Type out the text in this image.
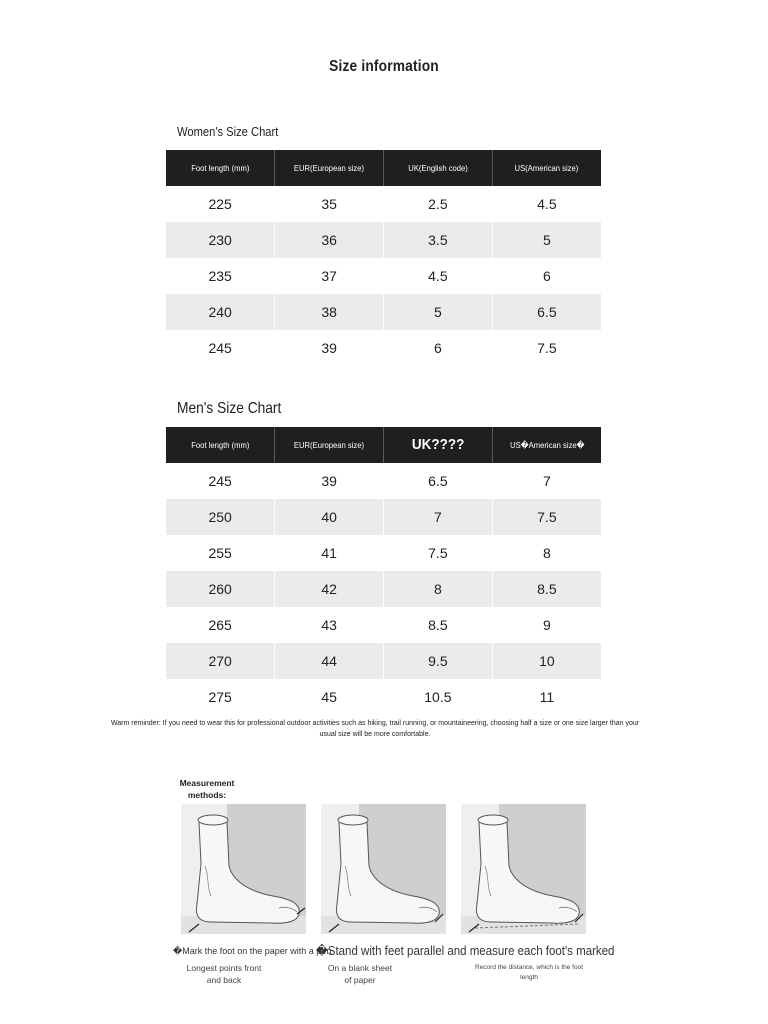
Size information
Women's Size Chart
Foot length (mm)	EUR(European size)	UK(English code)	US(American size)
225	35	2.5	4.5
230	36	3.5	5
235	37	4.5	6
240	38	5	6.5
245	39	6	7.5
Men's Size Chart
Foot length (mm)	EUR(European size)	UK????	US�American size�
245	39	6.5	7
250	40	7	7.5
255	41	7.5	8
260	42	8	8.5
265	43	8.5	9
270	44	9.5	10
275	45	10.5	11
Warm reminder: If you need to wear this for professional outdoor activities such as hiking, trail running, or mountaineering, choosing half a size or one size larger than your usual size will be more comfortable.
Measurement methods:
�Mark the foot on the paper with a pen
�Stand with feet parallel and measure each foot's marked
Longest points front and back
On a blank sheet of paper
Record the distance, which is the foot length
